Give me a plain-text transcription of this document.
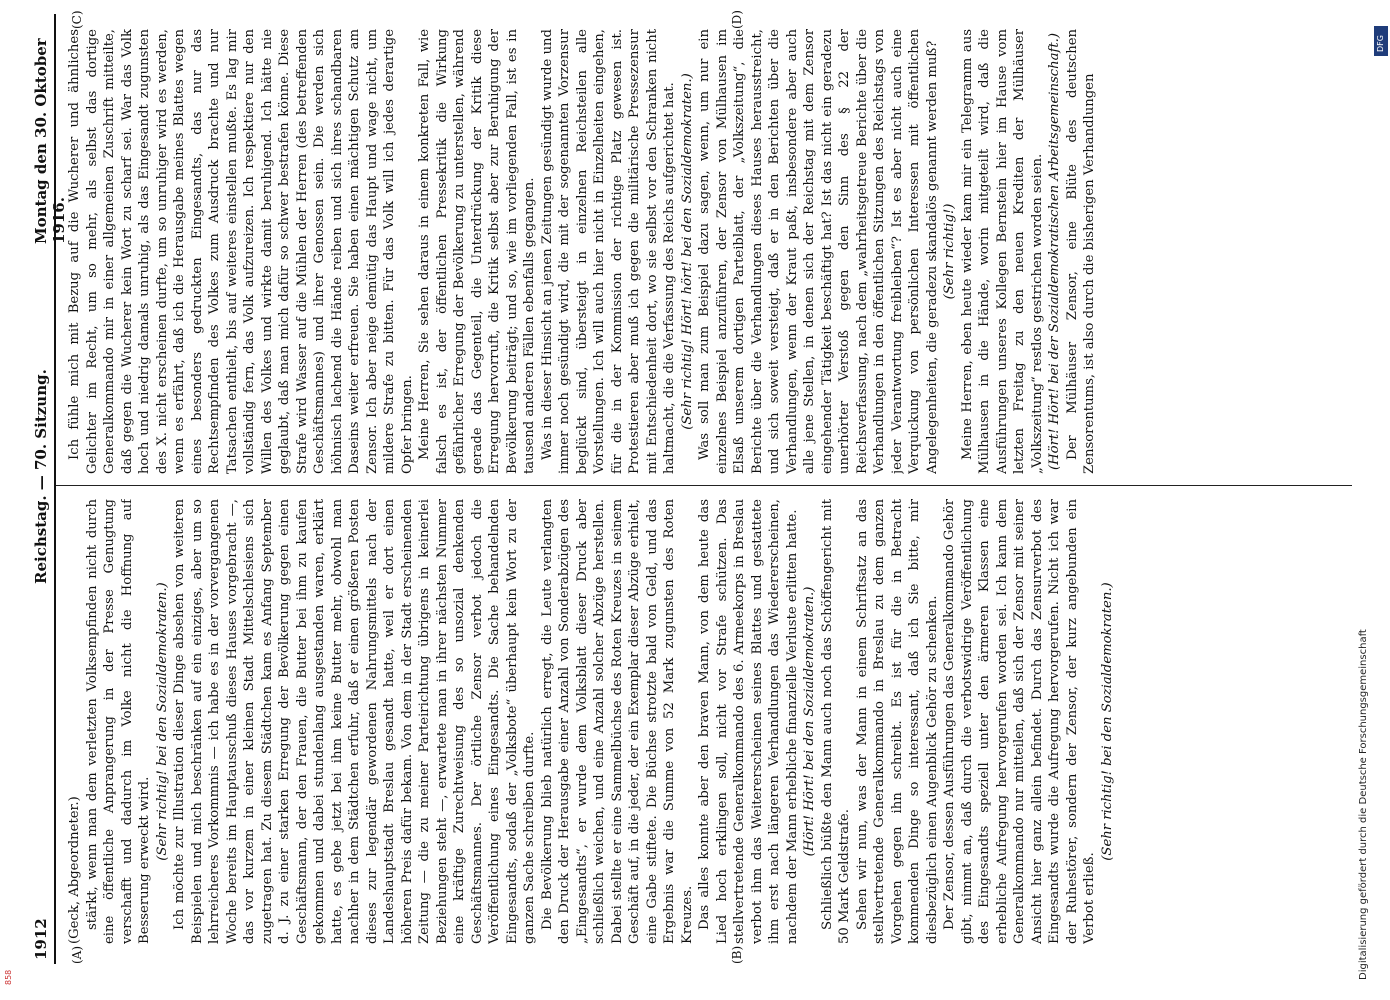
858
1912
Reichstag. — 70. Sitzung.
Montag den 30. Oktober 1916.
(A)	(B)
(C)	(D)

(Geck, Abgeordneter.) stärkt, wenn man dem verletzten Volksempfinden nicht durch eine öffentliche Anprangerung in der Presse Genugtung verschafft und dadurch im Volke nicht die Hoffnung auf Besserung erweckt wird. (Sehr richtig! bei den Sozialdemokraten.) Ich möchte zur Illustration dieser Dinge absehen von weiteren Beispielen und mich beschränken auf ein einziges, aber um so lehrreicheres Vorkommnis — ich habe es in der vorvergangenen Woche bereits im Hauptausschuß dieses Hauses vorgebracht —, das vor kurzem in einer kleinen Stadt Mittelschlesiens sich zugetragen hat. Zu diesem Städtchen kam es Anfang September d. J. zu einer starken Erregung der Bevölkerung gegen einen Geschäftsmann, der den Frauen, die Butter bei ihm zu kaufen gekommen und dabei stundenlang ausgestanden waren, erklärt hatte, es gebe jetzt bei ihm keine Butter mehr, obwohl man nachher in dem Städtchen erfuhr, daß er einen größeren Posten dieses zur legendär gewordenen Nahrungsmittels nach der Landeshauptstadt Breslau gesandt hatte, weil er dort einen höheren Preis dafür bekam. Von dem in der Stadt erscheinenden Zeitung — die zu meiner Parteirichtung übrigens in keinerlei Beziehungen steht —, erwartete man in ihrer nächsten Nummer eine kräftige Zurechtweisung des so unsozial denkenden Geschäftsmannes. Der örtliche Zensor verbot jedoch die Veröffentlichung eines Eingesandts. Die Sache behandelnden Eingesandts, sodaß der „Volksbote“ überhaupt kein Wort zu der ganzen Sache schreiben durfte. Die Bevölkerung blieb natürlich erregt, die Leute verlangten den Druck der Herausgabe einer Anzahl von Sonderabzügen des „Eingesandts“, er wurde dem Volksblatt dieser Druck aber schließlich weichen, und eine Anzahl solcher Abzüge herstellen. Dabei stellte er eine Sammelbüchse des Roten Kreuzes in seinem Geschäft auf, in die jeder, der ein Exemplar dieser Abzüge erhielt, eine Gabe stiftete. Die Büchse strotzte bald von Geld, und das Ergebnis war die Summe von 52 Mark zugunsten des Roten Kreuzes. Das alles konnte aber den braven Mann, von dem heute das Lied hoch erklingen soll, nicht vor Strafe schützen. Das stellvertretende Generalkommando des 6. Armeekorps in Breslau verbot ihm das Weitererscheinen seines Blattes und gestattete ihm erst nach längeren Verhandlungen das Wiedererscheinen, nachdem der Mann erhebliche finanzielle Verluste erlitten hatte. (Hört! Hört! bei den Sozialdemokraten.) Schließlich büßte den Mann auch noch das Schöffengericht mit 50 Mark Geldstrafe. Sehen wir nun, was der Mann in einem Schriftsatz an das stellvertretende Generalkommando in Breslau zu dem ganzen Vorgehen gegen ihn schreibt. Es ist für die in Betracht kommenden Dinge so interessant, daß ich Sie bitte, mir diesbezüglich einen Augenblick Gehör zu schenken. Der Zensor, dessen Ausführungen das Generalkommando Gehör gibt, nimmt an, daß durch die verbotswidrige Veröffentlichung des Eingesandts speziell unter den ärmeren Klassen eine erhebliche Aufregung hervorgerufen worden sei. Ich kann dem Generalkommando nur mitteilen, daß sich der Zensor mit seiner Ansicht hier ganz allein befindet. Durch das Zensurverbot des Eingesandts wurde die Aufregung hervorgerufen. Nicht ich war der Ruhestörer, sondern der Zensor, der kurz angebunden ein Verbot erließ.

(Sehr richtig! bei den Sozialdemokraten.)

Ich fühle mich mit Bezug auf die Wucherer und ähnliches Gelichter im Recht, um so mehr, als selbst das dortige Generalkommando mir in einer allgemeinen Zuschrift mitteilte, daß gegen die Wucherer kein Wort zu scharf sei. War das Volk hoch und niedrig damals unruhig, als das Eingesandt zugunsten des X. nicht erscheinen durfte, um so unruhiger wird es werden, wenn es erfährt, daß ich die Herausgabe meines Blattes wegen eines besonders gedruckten Eingesandts, das nur das Rechtsempfinden des Volkes zum Ausdruck brachte und nur Tatsachen enthielt, bis auf weiteres einstellen mußte. Es lag mir vollständig fern, das Volk aufzureizen. Ich respektiere nur den Willen des Volkes und wirkte damit beruhigend. Ich hätte nie geglaubt, daß man mich dafür so schwer bestrafen könne. Diese Strafe wird Wasser auf die Mühlen der Herren (des betreffenden Geschäftsmannes) und ihrer Genossen sein. Die werden sich höhnisch lachend die Hände reiben und sich ihres schandbaren Daseins weiter erfreuen. Sie haben einen mächtigen Schutz am Zensor. Ich aber neige demütig das Haupt und wage nicht, um mildere Strafe zu bitten. Für das Volk will ich jedes derartige Opfer bringen. Meine Herren, Sie sehen daraus in einem konkreten Fall, wie falsch es ist, der öffentlichen Pressekritik die Wirkung gefährlicher Erregung der Bevölkerung zu unterstellen, während gerade das Gegenteil, die Unterdrückung der Kritik diese Erregung hervorruft, die Kritik selbst aber zur Beruhigung der Bevölkerung beiträgt; und so, wie im vorliegenden Fall, ist es in tausend anderen Fällen ebenfalls gegangen. Was in dieser Hinsicht an jenen Zeitungen gesündigt wurde und immer noch gesündigt wird, die mit der sogenannten Vorzensur beglückt sind, übersteigt in einzelnen Reichsteilen alle Vorstellungen. Ich will auch hier nicht in Einzelheiten eingehen, für die in der Kommission der richtige Platz gewesen ist. Protestieren aber muß ich gegen die militärische Pressezensur mit Entschiedenheit dort, wo sie selbst vor den Schranken nicht haltmacht, die die Verfassung des Reichs aufgerichtet hat. (Sehr richtig! Hört! hört! bei den Sozialdemokraten.) Was soll man zum Beispiel dazu sagen, wenn, um nur ein einzelnes Beispiel anzuführen, der Zensor von Mülhausen im Elsaß unserem dortigen Parteiblatt, der „Volkszeitung“, die Berichte über die Verhandlungen dieses Hauses herausstreicht, und sich soweit versteigt, daß er in den Berichten über die Verhandlungen, wenn der Kraut paßt, insbesondere aber auch alle jene Stellen, in denen sich der Reichstag mit dem Zensor eingehender Tätigkeit beschäftigt hat? Ist das nicht ein geradezu unerhörter Verstoß gegen den Sinn des § 22 der Reichsverfassung, nach dem „wahrheitsgetreue Berichte über die Verhandlungen in den öffentlichen Sitzungen des Reichstags von jeder Verantwortung freibleiben“? Ist es aber nicht auch eine Verquickung von persönlichen Interessen mit öffentlichen Angelegenheiten, die geradezu skandalös genannt werden muß? (Sehr richtig!) Meine Herren, eben heute wieder kam mir ein Telegramm aus Mülhausen in die Hände, worin mitgeteilt wird, daß die Ausführungen unseres Kollegen Bernstein hier im Hause vom letzten Freitag zu den neuen Krediten der Mülhäuser „Volkszeitung“ restlos gestrichen worden seien. (Hört! Hört! bei der Sozialdemokratischen Arbeitsgemeinschaft.) Der Mülhäuser Zensor, eine Blüte des deutschen Zensorentums, ist also durch die bisherigen Verhandlungen

Digitalisierung gefördert durch die Deutsche Forschungsgemeinschaft
DFG
